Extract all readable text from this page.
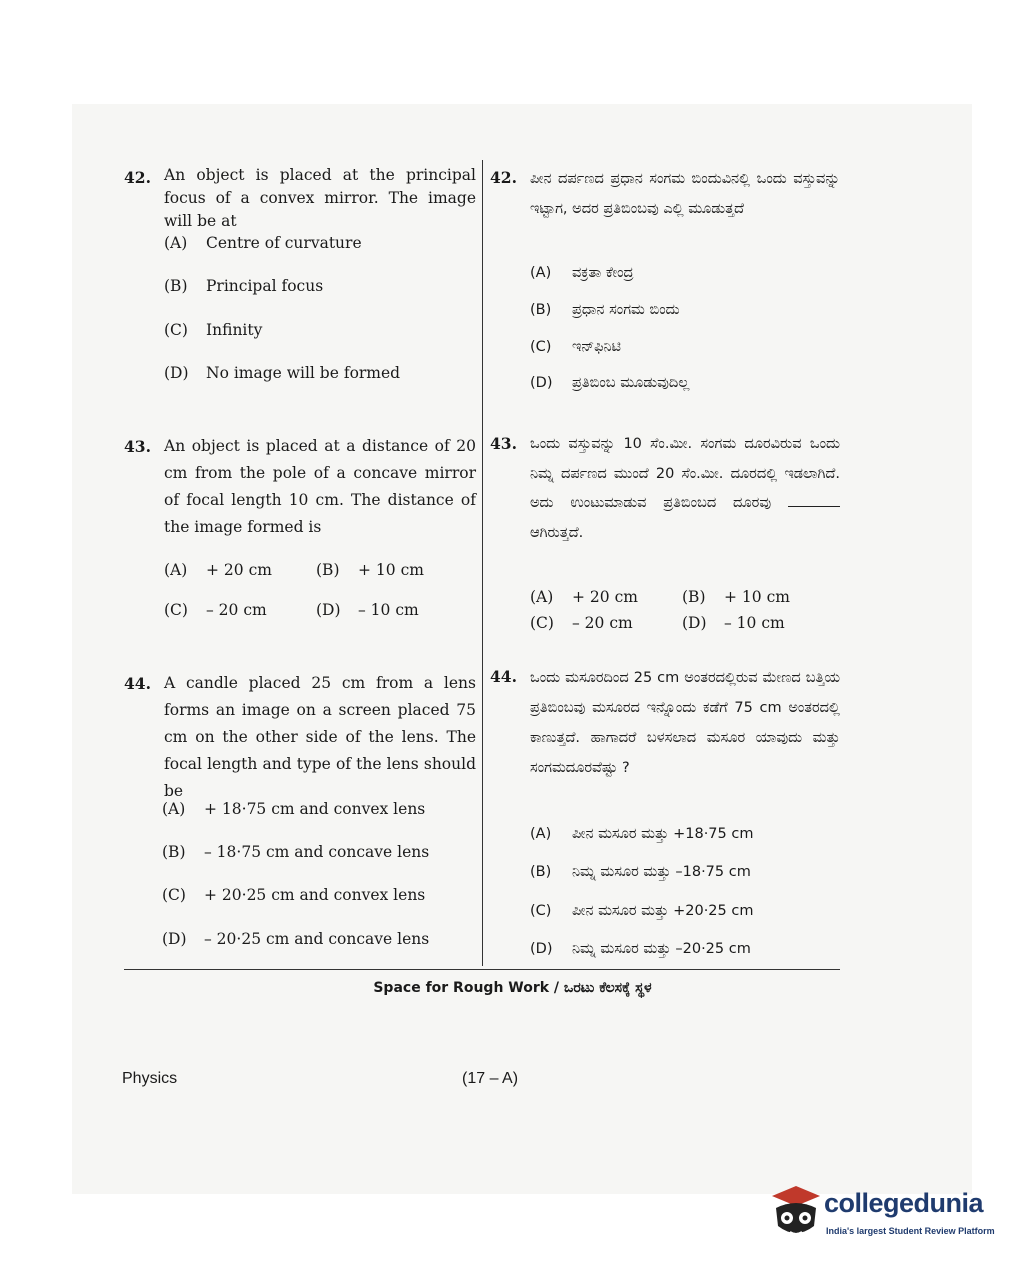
42. An object is placed at the principal focus of a convex mirror. The image will be at
(A) Centre of curvature
(B) Principal focus
(C) Infinity
(D) No image will be formed
43. An object is placed at a distance of 20 cm from the pole of a concave mirror of focal length 10 cm. The distance of the image formed is
(A) + 20 cm	(B) + 10 cm
(C) – 20 cm	(D) – 10 cm
44. A candle placed 25 cm from a lens forms an image on a screen placed 75 cm on the other side of the lens. The focal length and type of the lens should be
(A) + 18·75 cm and convex lens
(B) – 18·75 cm and concave lens
(C) + 20·25 cm and convex lens
(D) – 20·25 cm and concave lens
42. ಪೀನ ದರ್ಪಣದ ಪ್ರಧಾನ ಸಂಗಮ ಬಿಂದುವಿನಲ್ಲಿ ಒಂದು ವಸ್ತುವನ್ನು ಇಟ್ಟಾಗ, ಅದರ ಪ್ರತಿಬಿಂಬವು ಎಲ್ಲಿ ಮೂಡುತ್ತದೆ
(A) ವಕ್ರತಾ ಕೇಂದ್ರ
(B) ಪ್ರಧಾನ ಸಂಗಮ ಬಿಂದು
(C) ಇನ್‌ಫಿನಿಟಿ
(D) ಪ್ರತಿಬಿಂಬ ಮೂಡುವುದಿಲ್ಲ
43. ಒಂದು ವಸ್ತುವನ್ನು 10 ಸೆಂ.ಮೀ. ಸಂಗಮ ದೂರವಿರುವ ಒಂದು ನಿಮ್ನ ದರ್ಪಣದ ಮುಂದೆ 20 ಸೆಂ.ಮೀ. ದೂರದಲ್ಲಿ ಇಡಲಾಗಿದೆ. ಅದು ಉಂಟುಮಾಡುವ ಪ್ರತಿಬಿಂಬದ ದೂರವು  ಆಗಿರುತ್ತದೆ.
(A) + 20 cm	(B) + 10 cm
(C) – 20 cm	(D) – 10 cm
44. ಒಂದು ಮಸೂರದಿಂದ 25 cm ಅಂತರದಲ್ಲಿರುವ ಮೇಣದ ಬತ್ತಿಯ ಪ್ರತಿಬಿಂಬವು ಮಸೂರದ ಇನ್ನೊಂದು ಕಡೆಗೆ 75 cm ಅಂತರದಲ್ಲಿ ಕಾಣುತ್ತದೆ. ಹಾಗಾದರೆ ಬಳಸಲಾದ ಮಸೂರ ಯಾವುದು ಮತ್ತು ಸಂಗಮದೂರವೆಷ್ಟು ?
(A) ಪೀನ ಮಸೂರ ಮತ್ತು +18·75 cm
(B) ನಿಮ್ನ ಮಸೂರ ಮತ್ತು –18·75 cm
(C) ಪೀನ ಮಸೂರ ಮತ್ತು +20·25 cm
(D) ನಿಮ್ನ ಮಸೂರ ಮತ್ತು –20·25 cm
Space for Rough Work / ಒರಟು ಕೆಲಸಕ್ಕೆ ಸ್ಥಳ
Physics	(17 – A)
collegedunia
India's largest Student Review Platform
